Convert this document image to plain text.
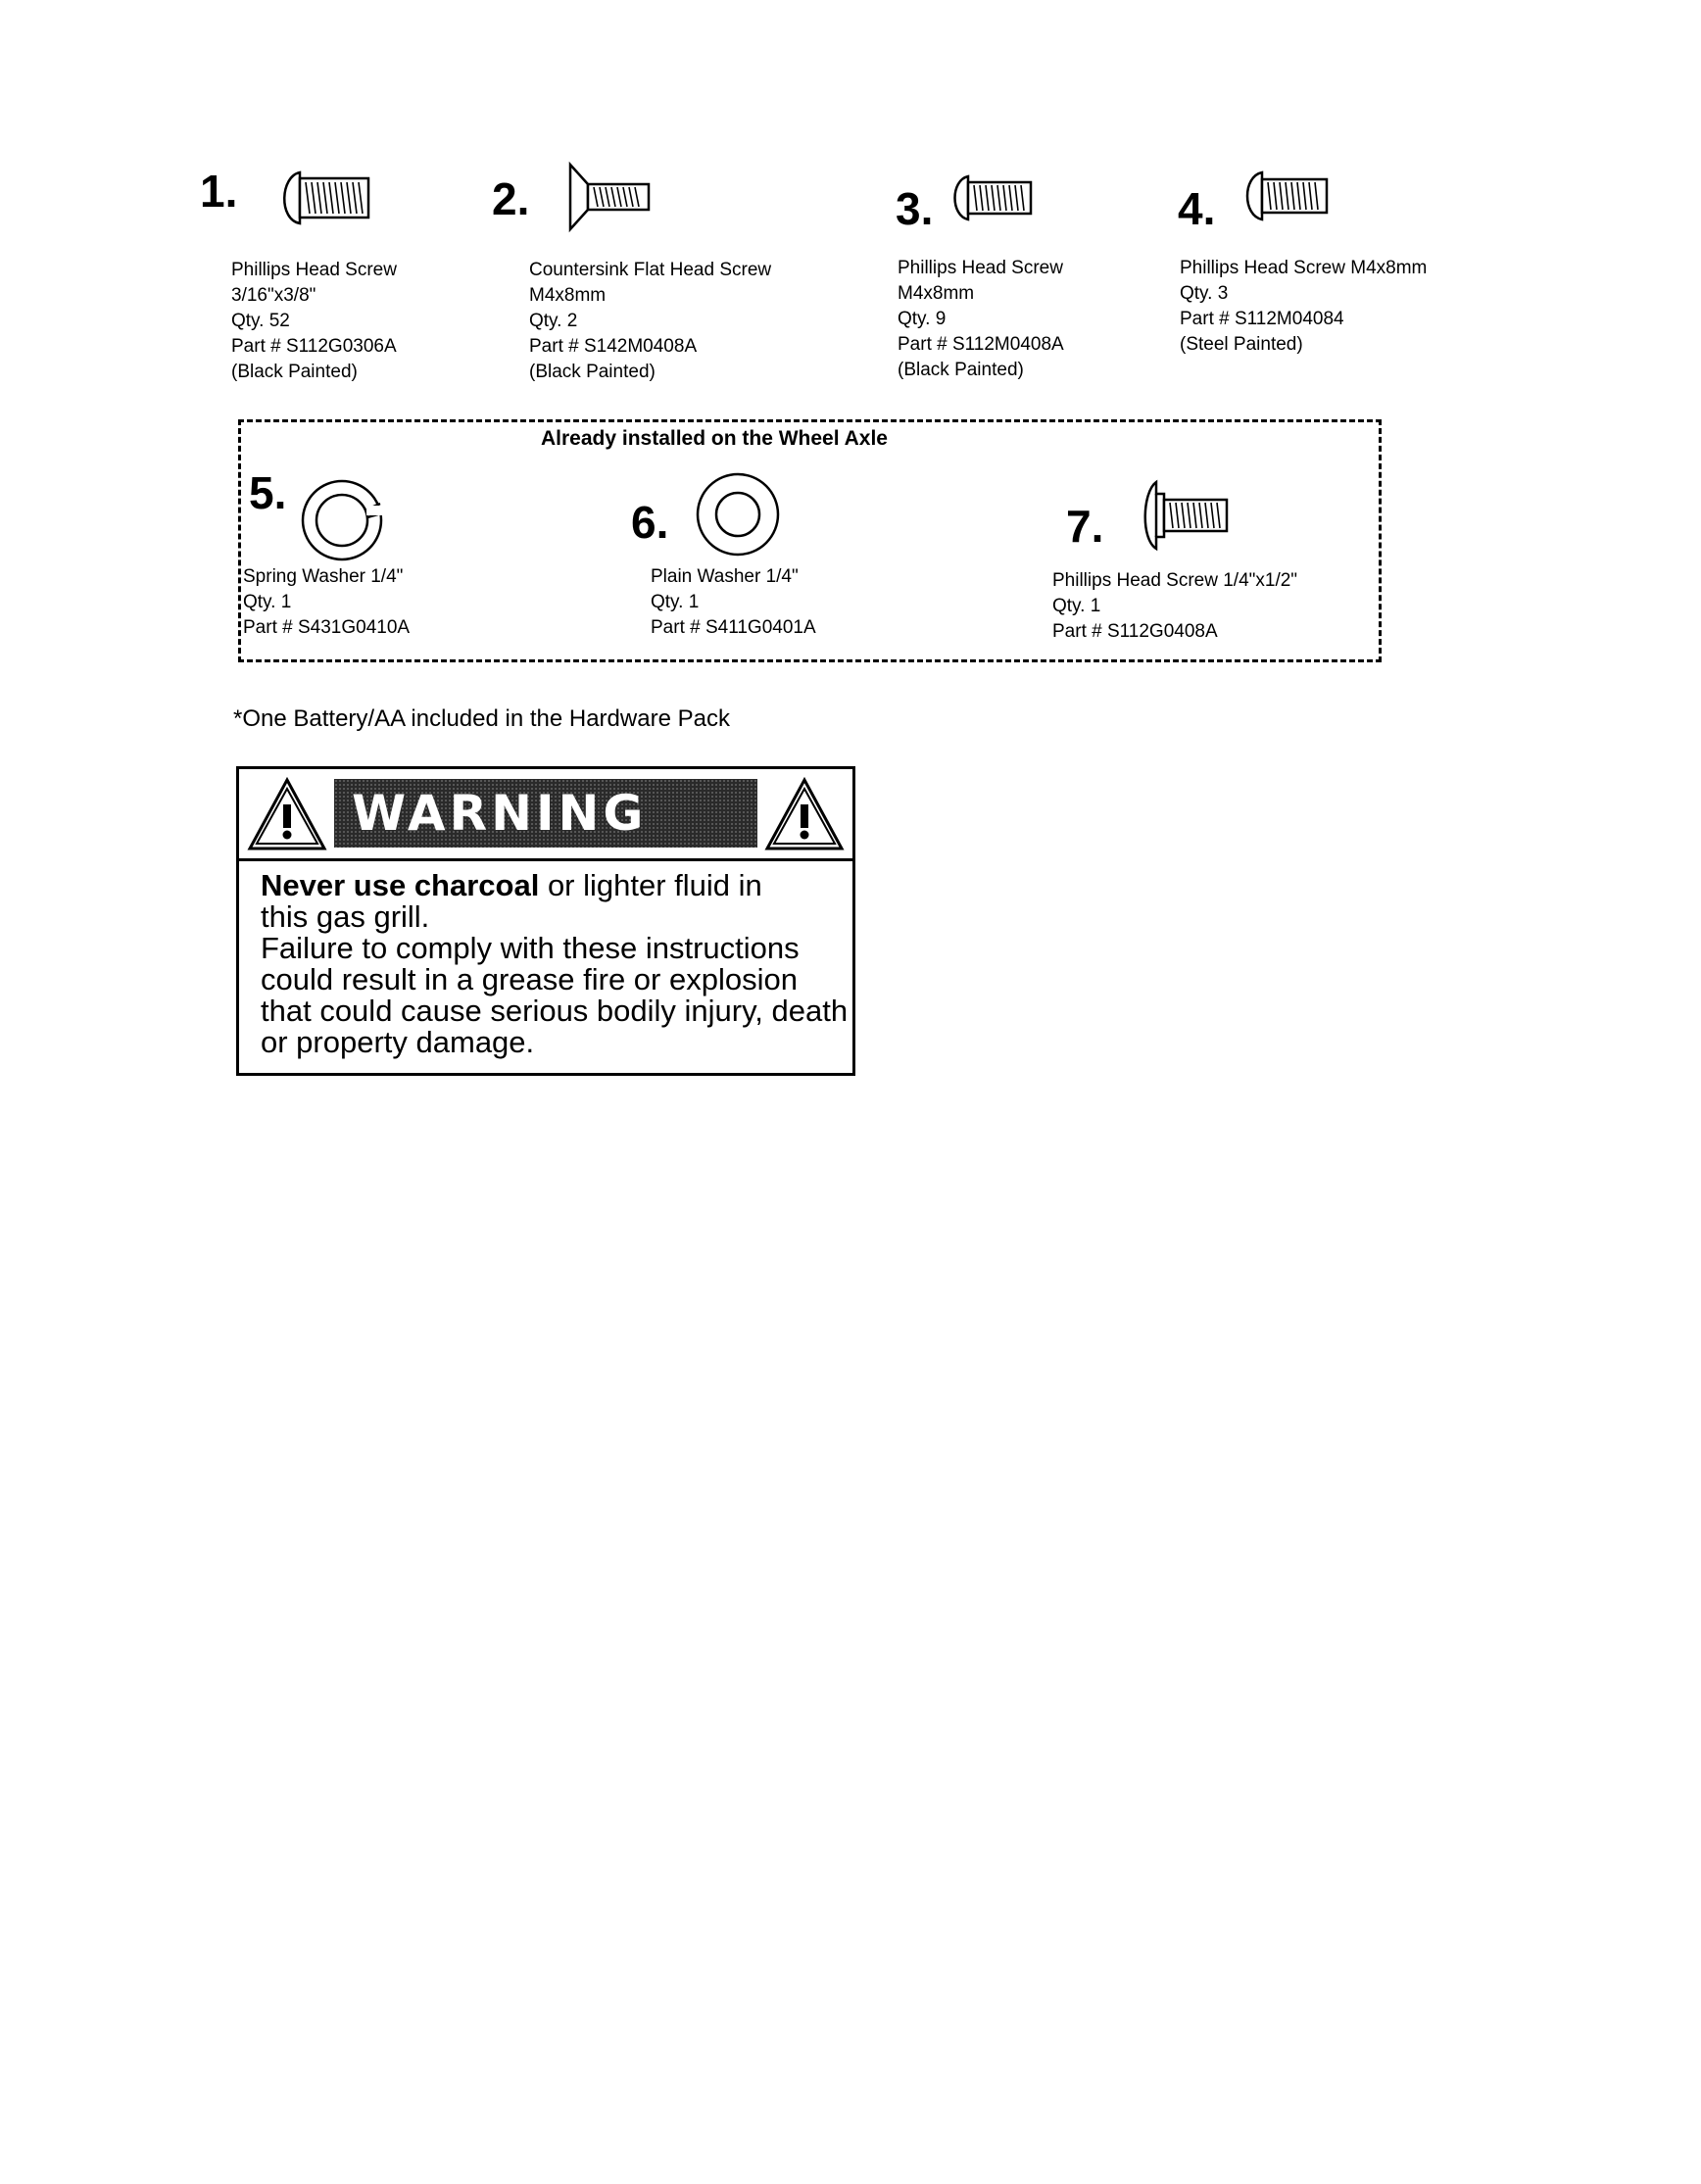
1.
Phillips Head Screw
3/16"x3/8"
Qty. 52
Part # S112G0306A
(Black Painted)
2.
Countersink Flat Head Screw
M4x8mm
Qty. 2
Part # S142M0408A
(Black Painted)
3.
Phillips Head Screw
M4x8mm
Qty. 9
Part # S112M0408A
(Black Painted)
4.
Phillips Head Screw M4x8mm
Qty. 3
Part # S112M04084
(Steel Painted)
Already installed on the Wheel Axle
5.
Spring Washer 1/4"
Qty. 1
Part # S431G0410A
6.
Plain Washer 1/4"
Qty. 1
Part # S411G0401A
7.
Phillips Head Screw 1/4"x1/2"
Qty. 1
Part # S112G0408A
*One Battery/AA included in the Hardware Pack
WARNING
Never use charcoal or lighter fluid in
this gas grill.
Failure to comply with these instructions
could result in a grease fire or explosion
that could cause serious bodily injury, death
or property damage.
